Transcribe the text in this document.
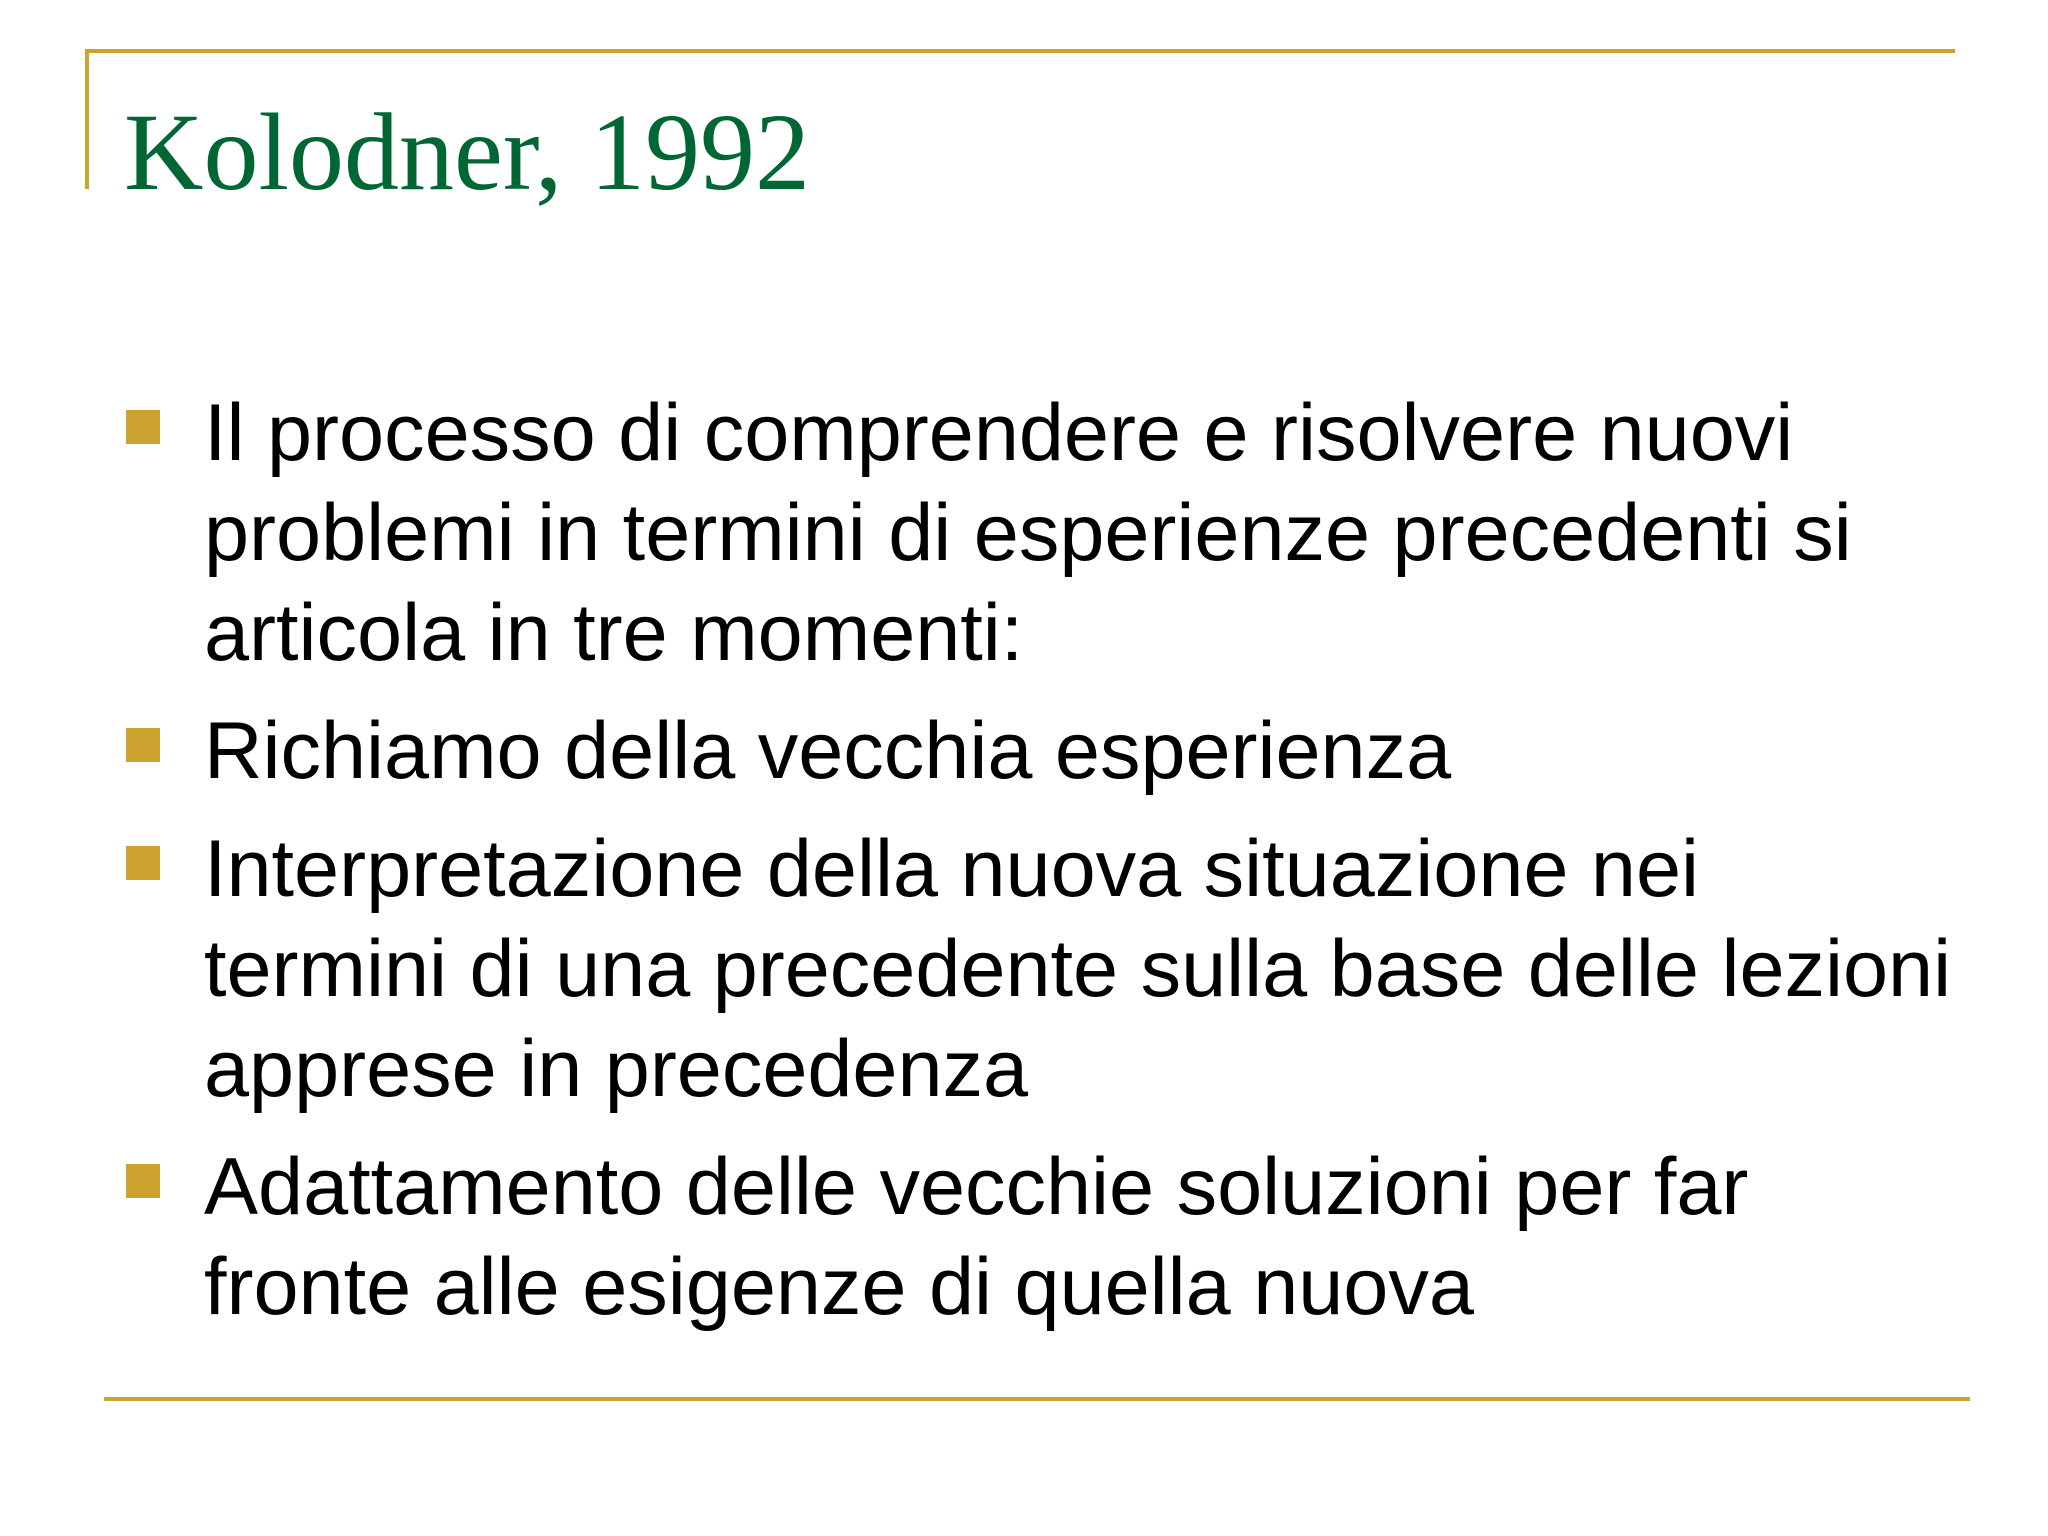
Kolodner, 1992
Il processo di comprendere e risolvere nuovi problemi in termini di esperienze precedenti si articola in tre momenti:
Richiamo della vecchia esperienza
Interpretazione della nuova situazione nei termini di una precedente sulla base delle lezioni apprese in precedenza
Adattamento delle vecchie soluzioni per far fronte alle esigenze di quella nuova
